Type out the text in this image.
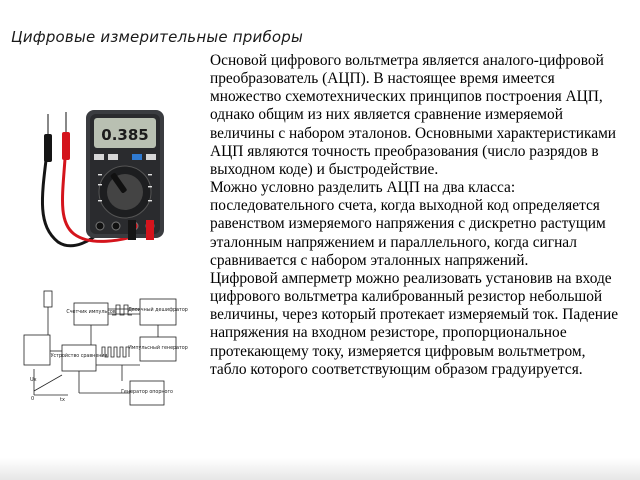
Цифровые измерительные приборы
0.385
Счетчик импульсов	Двоичный дешифратор
Устройство сравнения
Импульсный генератор
Uх
0	tх
Генератор опорного

Основой цифрового вольтметра является аналого-цифровой преобразователь (АЦП). В настоящее время имеется множество схемотехнических принципов построения АЦП, однако общим из них является сравнение измеряемой величины с набором эталонов. Основными характеристиками АЦП являются точность преобразования (число разрядов в выходном коде) и быстродействие.

Можно условно разделить АЦП на два класса: последовательного счета, когда выходной код определяется равенством измеряемого напряжения с дискретно растущим эталонным напряжением и параллельного, когда сигнал сравнивается с набором эталонных напряжений.

Цифровой амперметр можно реализовать установив на входе цифрового вольтметра калиброванный резистор небольшой величины, через который протекает измеряемый ток. Падение напряжения на входном резисторе, пропорциональное протекающему току, измеряется цифровым вольтметром, табло которого соответствующим образом градуируется.
